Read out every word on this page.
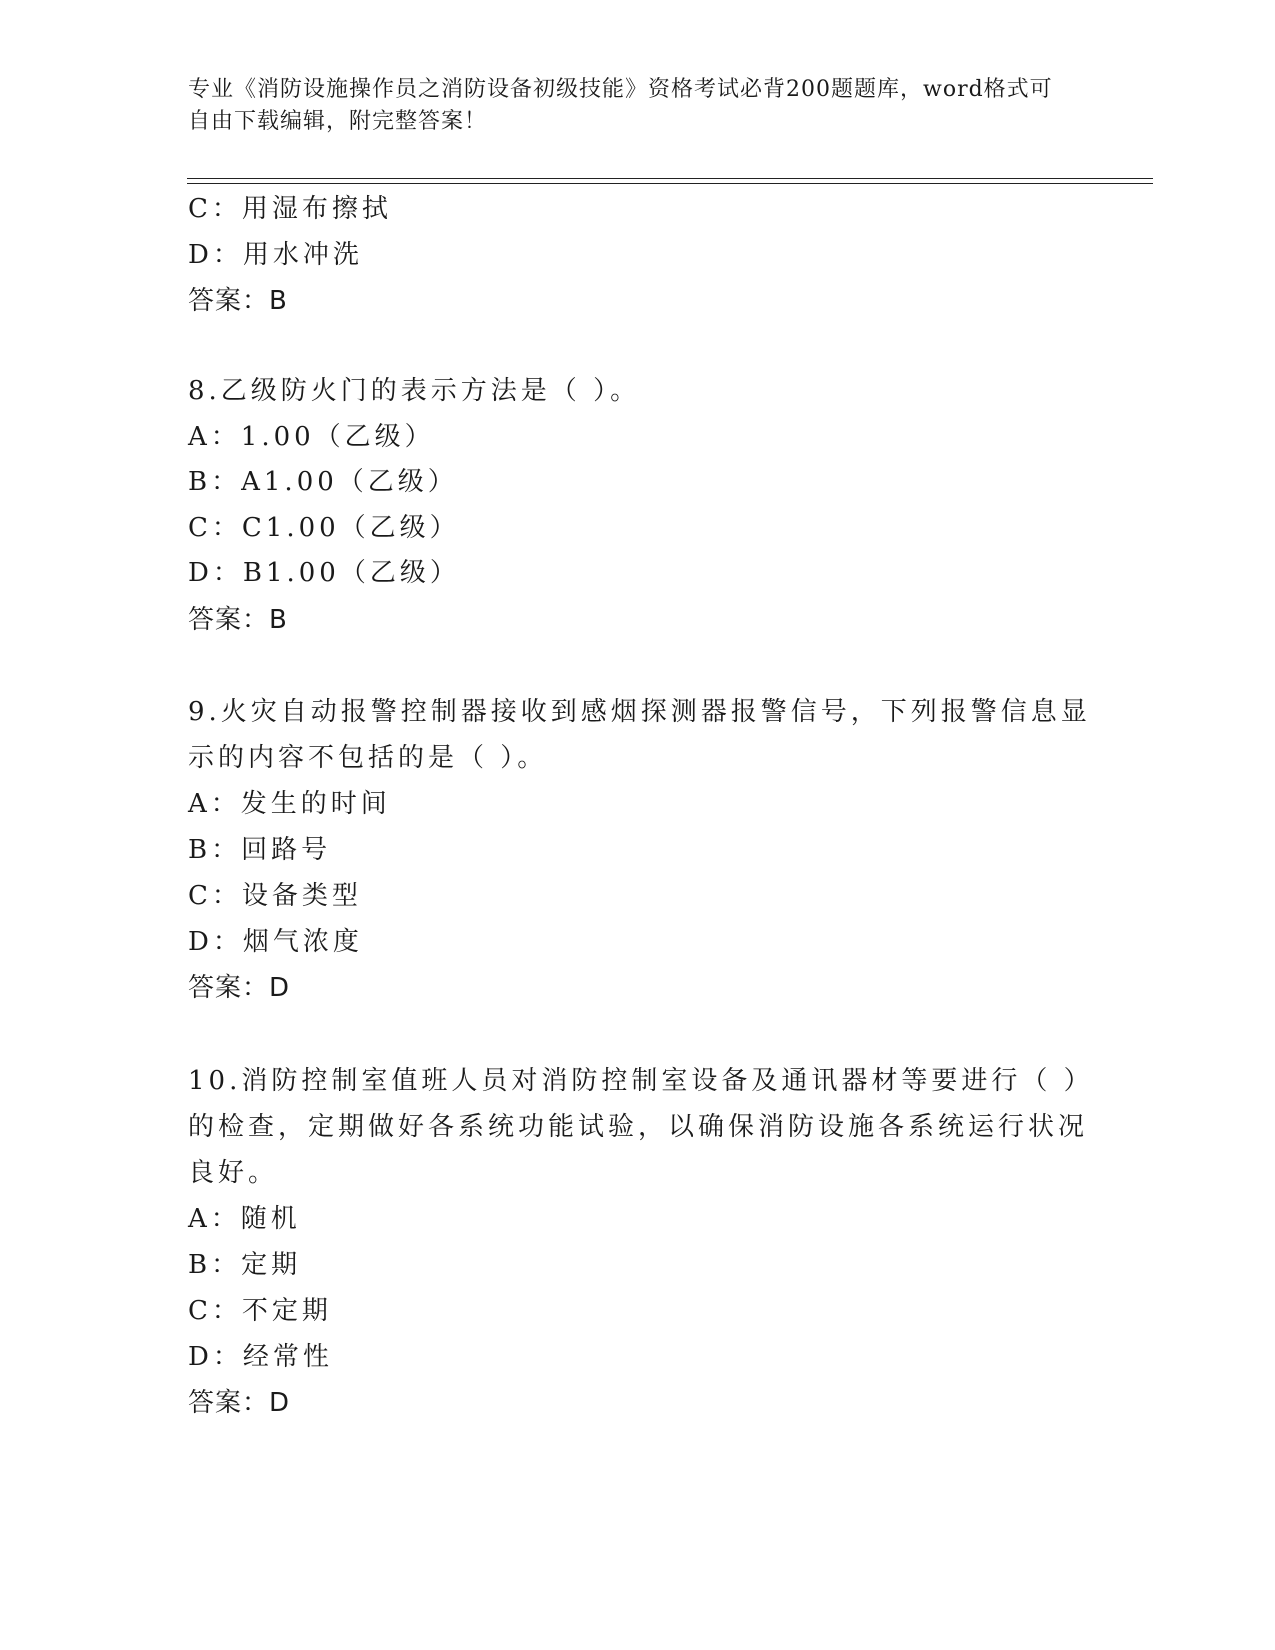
专业《消防设施操作员之消防设备初级技能》资格考试必背200题题库，word格式可自由下载编辑，附完整答案！
C：用湿布擦拭
D：用水冲洗
答案：B
8.乙级防火门的表示方法是（ ）。
A：1.00（乙级）
B：A1.00（乙级）
C：C1.00（乙级）
D：B1.00（乙级）
答案：B
9.火灾自动报警控制器接收到感烟探测器报警信号，下列报警信息显
示的内容不包括的是（ ）。
A：发生的时间
B：回路号
C：设备类型
D：烟气浓度
答案：D
10.消防控制室值班人员对消防控制室设备及通讯器材等要进行（ ）
的检查，定期做好各系统功能试验，以确保消防设施各系统运行状况
良好。
A：随机
B：定期
C：不定期
D：经常性
答案：D
